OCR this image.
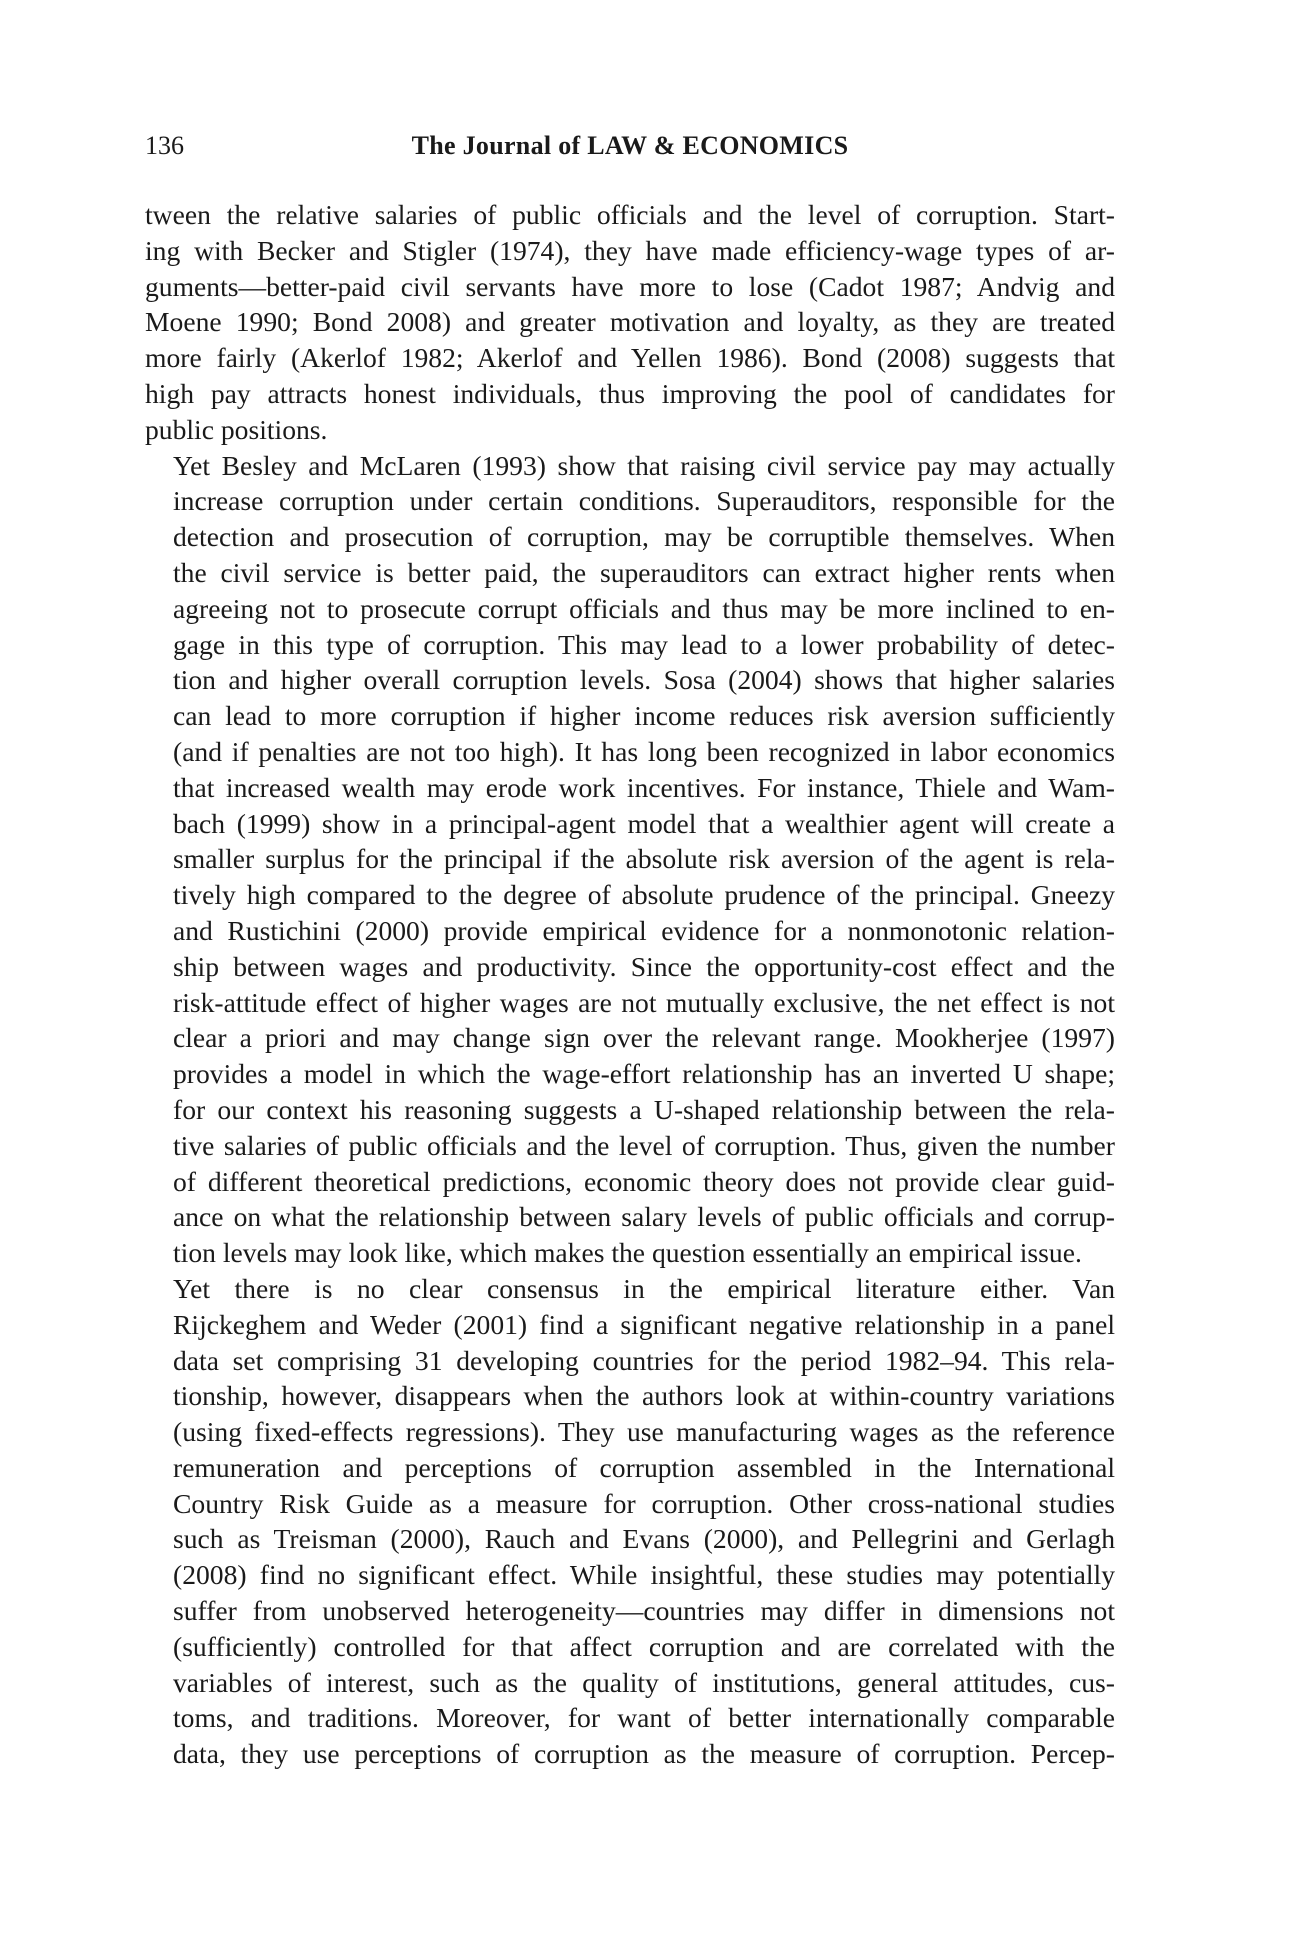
136	The Journal of LAW & ECONOMICS

tween the relative salaries of public officials and the level of corruption. Start-
ing with Becker and Stigler (1974), they have made efficiency-wage types of ar-
guments—better-paid civil servants have more to lose (Cadot 1987; Andvig and
Moene 1990; Bond 2008) and greater motivation and loyalty, as they are treated
more fairly (Akerlof 1982; Akerlof and Yellen 1986). Bond (2008) suggests that
high pay attracts honest individuals, thus improving the pool of candidates for
public positions.

Yet Besley and McLaren (1993) show that raising civil service pay may actually
increase corruption under certain conditions. Superauditors, responsible for the
detection and prosecution of corruption, may be corruptible themselves. When
the civil service is better paid, the superauditors can extract higher rents when
agreeing not to prosecute corrupt officials and thus may be more inclined to en-
gage in this type of corruption. This may lead to a lower probability of detec-
tion and higher overall corruption levels. Sosa (2004) shows that higher salaries
can lead to more corruption if higher income reduces risk aversion sufficiently
(and if penalties are not too high). It has long been recognized in labor economics
that increased wealth may erode work incentives. For instance, Thiele and Wam-
bach (1999) show in a principal-agent model that a wealthier agent will create a
smaller surplus for the principal if the absolute risk aversion of the agent is rela-
tively high compared to the degree of absolute prudence of the principal. Gneezy
and Rustichini (2000) provide empirical evidence for a nonmonotonic relation-
ship between wages and productivity. Since the opportunity-cost effect and the
risk-attitude effect of higher wages are not mutually exclusive, the net effect is not
clear a priori and may change sign over the relevant range. Mookherjee (1997)
provides a model in which the wage-effort relationship has an inverted U shape;
for our context his reasoning suggests a U-shaped relationship between the rela-
tive salaries of public officials and the level of corruption. Thus, given the number
of different theoretical predictions, economic theory does not provide clear guid-
ance on what the relationship between salary levels of public officials and corrup-
tion levels may look like, which makes the question essentially an empirical issue.

Yet there is no clear consensus in the empirical literature either. Van
Rijckeghem and Weder (2001) find a significant negative relationship in a panel
data set comprising 31 developing countries for the period 1982–94. This rela-
tionship, however, disappears when the authors look at within-country variations
(using fixed-effects regressions). They use manufacturing wages as the reference
remuneration and perceptions of corruption assembled in the International
Country Risk Guide as a measure for corruption. Other cross-national studies
such as Treisman (2000), Rauch and Evans (2000), and Pellegrini and Gerlagh
(2008) find no significant effect. While insightful, these studies may potentially
suffer from unobserved heterogeneity—countries may differ in dimensions not
(sufficiently) controlled for that affect corruption and are correlated with the
variables of interest, such as the quality of institutions, general attitudes, cus-
toms, and traditions. Moreover, for want of better internationally comparable
data, they use perceptions of corruption as the measure of corruption. Percep-
